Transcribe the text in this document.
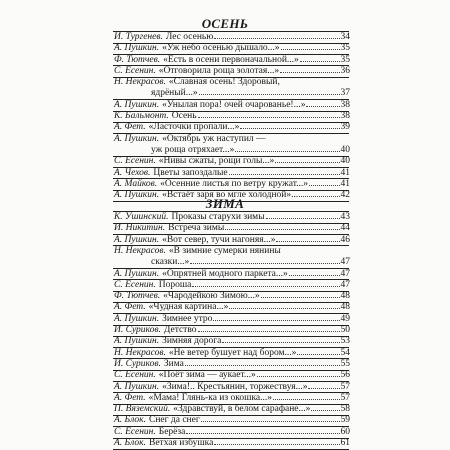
ОСЕНЬ
И. Тургенев. Лес осенью	34
А. Пушкин. «Уж небо осенью дышало...»	35
Ф. Тютчев. «Есть в осени первоначальной...»	35
С. Есенин. «Отговорила роща золотая...»	36
Н. Некрасов. «Славная осень! Здоровый,
ядрёный...»	37
А. Пушкин. «Унылая пора! очей очарованье!...»	38
К. Бальмонт. Осень	38
А. Фет. «Ласточки пропали...»	39
А. Пушкин. «Октябрь уж наступил —
уж роща отряхает...»	40
С. Есенин. «Нивы сжаты, рощи голы...»	40
А. Чехов. Цветы запоздалые	41
А. Майков. «Осенние листья по ветру кружат...»	41
А. Пушкин. «Встаёт заря во мгле холодной»...	42
ЗИМА
К. Ушинский. Проказы старухи зимы	43
И. Никитин. Встреча зимы	44
А. Пушкин. «Вот север, тучи нагоняя...»	46
Н. Некрасов. «В зимние сумерки нянины
сказки...»	47
А. Пушкин. «Опрятней модного паркета...»	47
С. Есенин. Пороша	47
Ф. Тютчев. «Чародейкою Зимою...»	48
А. Фет. «Чудная картина...»	48
А. Пушкин. Зимнее утро	49
И. Суриков. Детство	50
А. Пушкин. Зимняя дорога	53
Н. Некрасов. «Не ветер бушует над бором...»	54
И. Суриков. Зима	55
С. Есенин. «Поёт зима — аукает...»	56
А. Пушкин. «Зима!.. Крестьянин, торжествуя...»	57
А. Фет. «Мама! Глянь-ка из окошка...»	57
П. Вяземский. «Здравствуй, в белом сарафане...»	58
А. Блок. Снег да снег	59
С. Есенин. Берёза	60
А. Блок. Ветхая избушка	61
